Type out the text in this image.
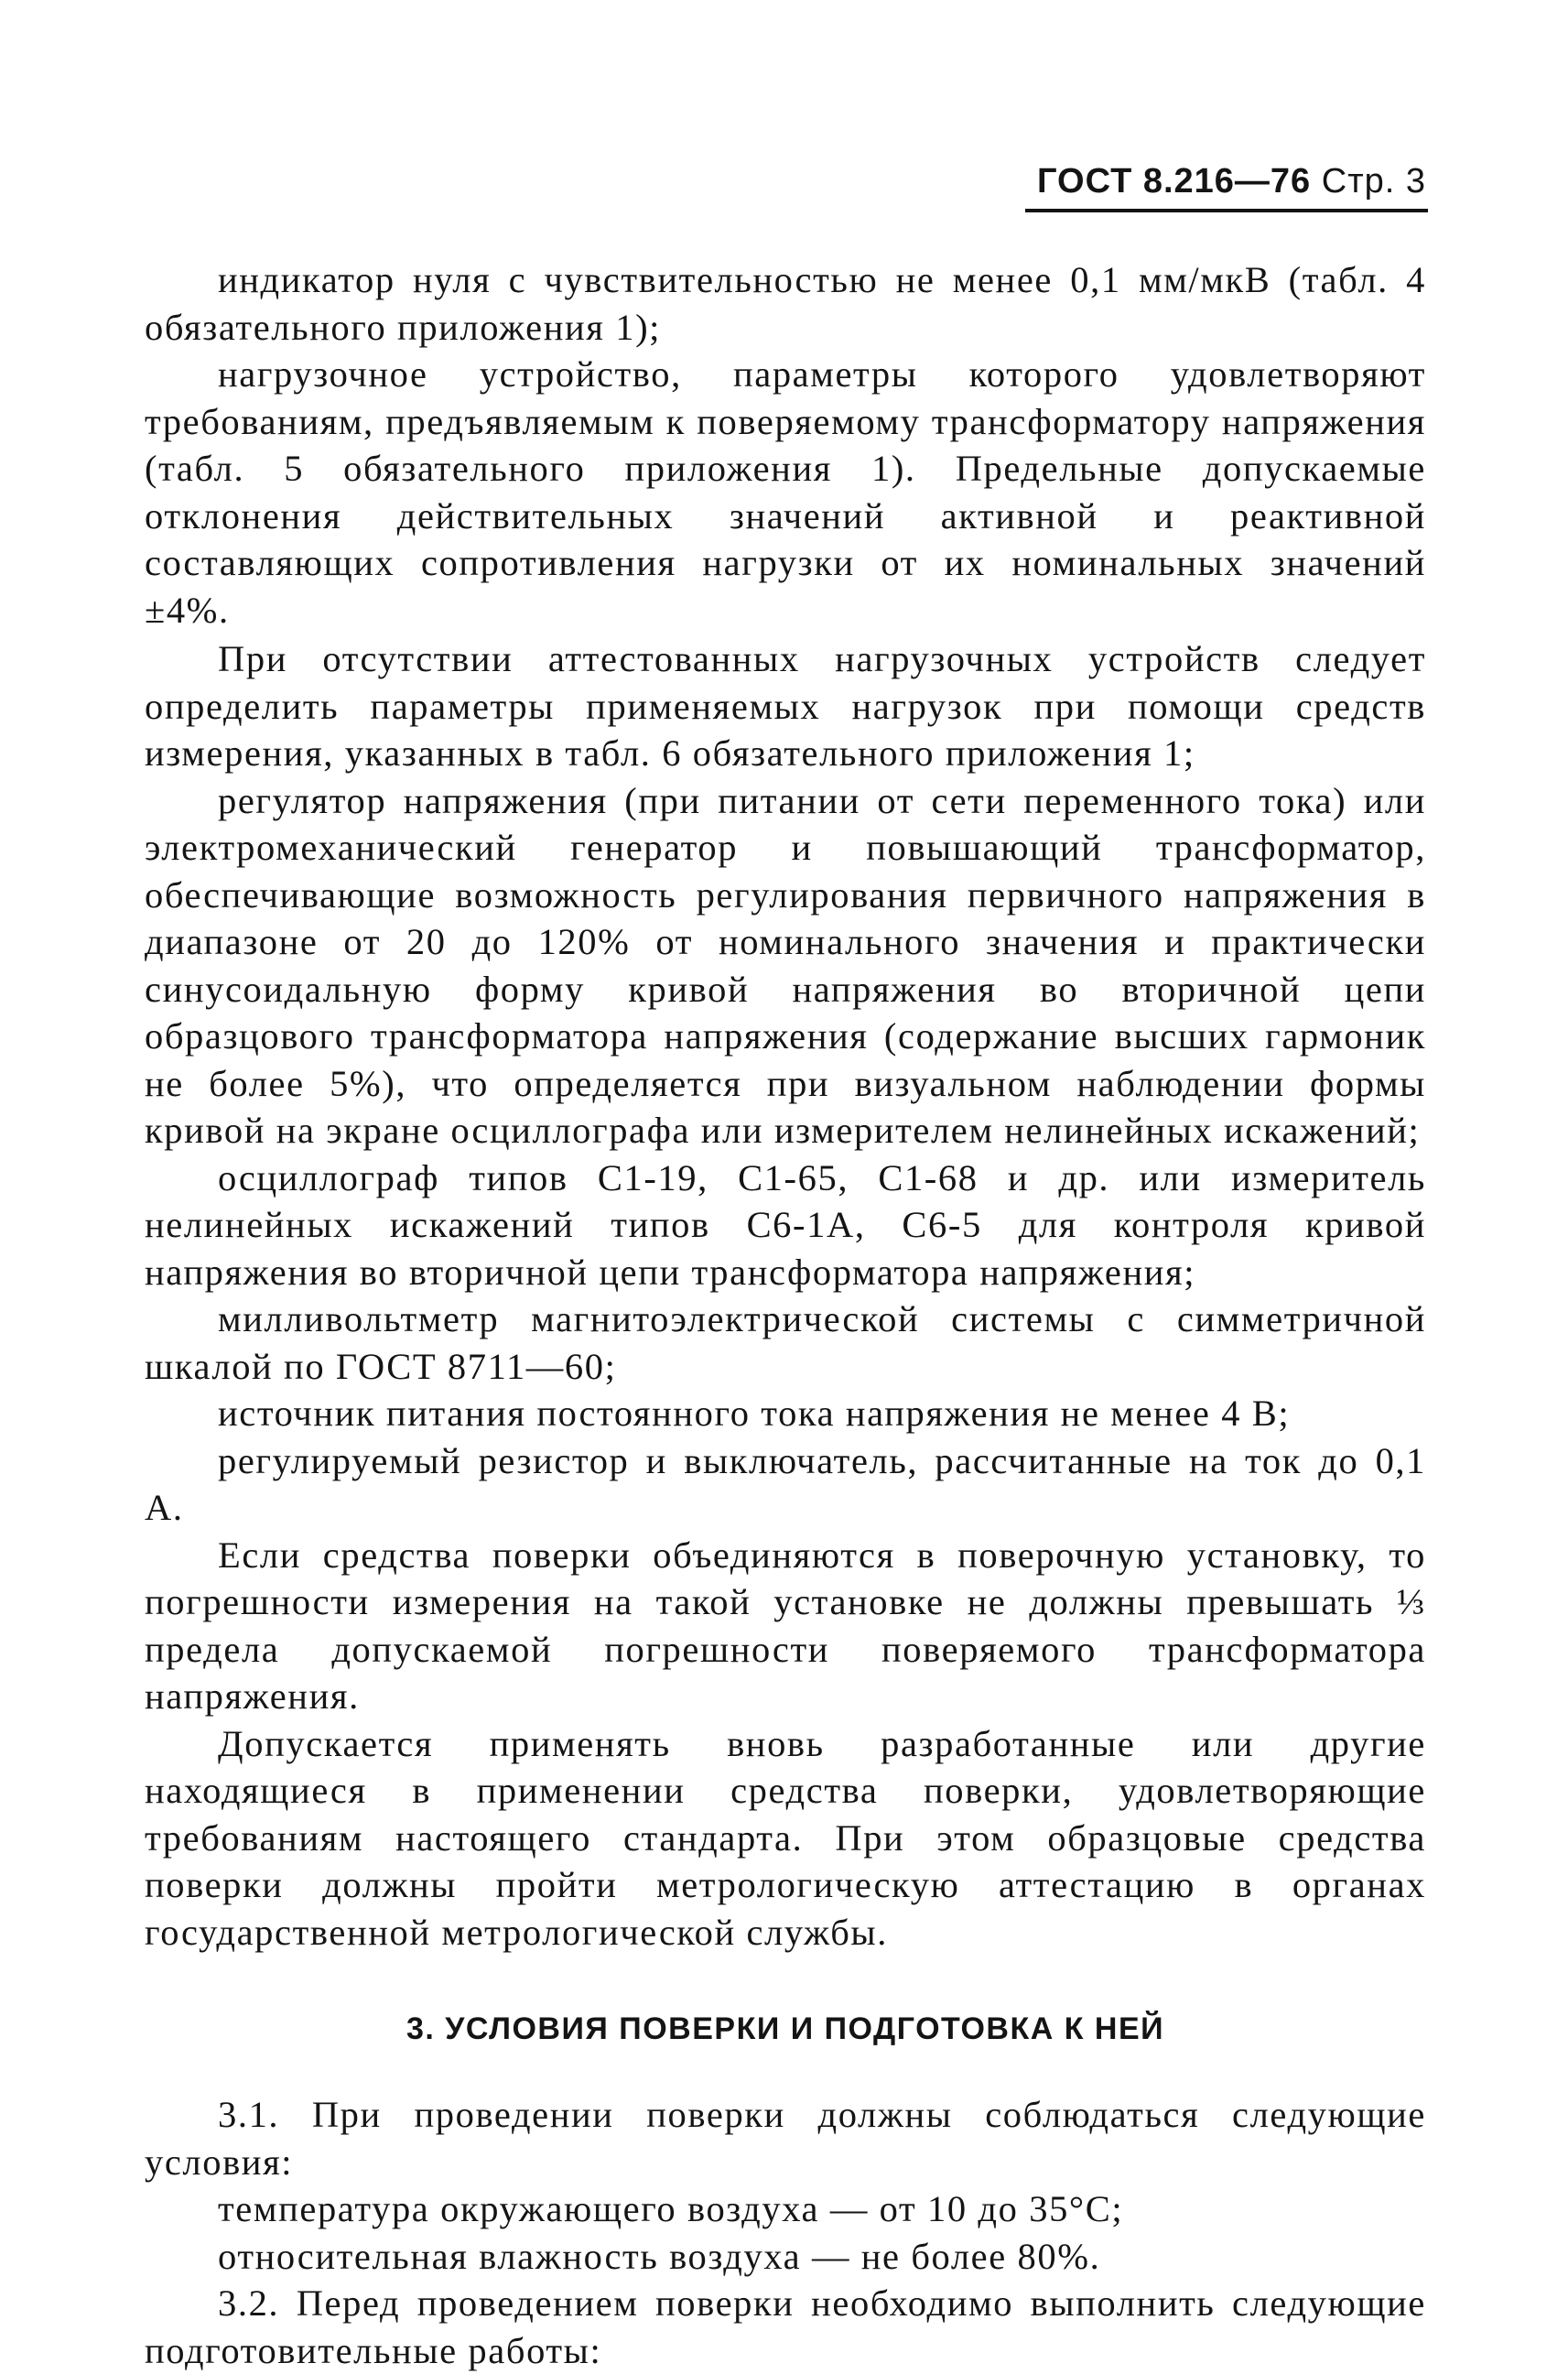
ГОСТ 8.216—76 Стр. 3

индикатор нуля с чувствительностью не менее 0,1 мм/мкВ (табл. 4 обязательного приложения 1);

нагрузочное устройство, параметры которого удовлетворяют требованиям, предъявляемым к поверяемому трансформатору напряжения (табл. 5 обязательного приложения 1). Предельные допускаемые отклонения действительных значений активной и реактивной составляющих сопротивления нагрузки от их номинальных значений ±4%.

При отсутствии аттестованных нагрузочных устройств следует определить параметры применяемых нагрузок при помощи средств измерения, указанных в табл. 6 обязательного приложения 1;

регулятор напряжения (при питании от сети переменного тока) или электромеханический генератор и повышающий трансформатор, обеспечивающие возможность регулирования первичного напряжения в диапазоне от 20 до 120% от номинального значения и практически синусоидальную форму кривой напряжения во вторичной цепи образцового трансформатора напряжения (содержание высших гармоник не более 5%), что определяется при визуальном наблюдении формы кривой на экране осциллографа или измерителем нелинейных искажений;

осциллограф типов С1-19, С1-65, С1-68 и др. или измеритель нелинейных искажений типов С6-1А, С6-5 для контроля кривой напряжения во вторичной цепи трансформатора напряжения;

милливольтметр магнитоэлектрической системы с симметричной шкалой по ГОСТ 8711—60;

источник питания постоянного тока напряжения не менее 4 В;

регулируемый резистор и выключатель, рассчитанные на ток до 0,1 А.

Если средства поверки объединяются в поверочную установку, то погрешности измерения на такой установке не должны превышать ⅓ предела допускаемой погрешности поверяемого трансформатора напряжения.

Допускается применять вновь разработанные или другие находящиеся в применении средства поверки, удовлетворяющие требованиям настоящего стандарта. При этом образцовые средства поверки должны пройти метрологическую аттестацию в органах государственной метрологической службы.

3. УСЛОВИЯ ПОВЕРКИ И ПОДГОТОВКА К НЕЙ

3.1. При проведении поверки должны соблюдаться следующие условия:

температура окружающего воздуха — от 10 до 35°С;

относительная влажность воздуха — не более 80%.

3.2. Перед проведением поверки необходимо выполнить следующие подготовительные работы:
